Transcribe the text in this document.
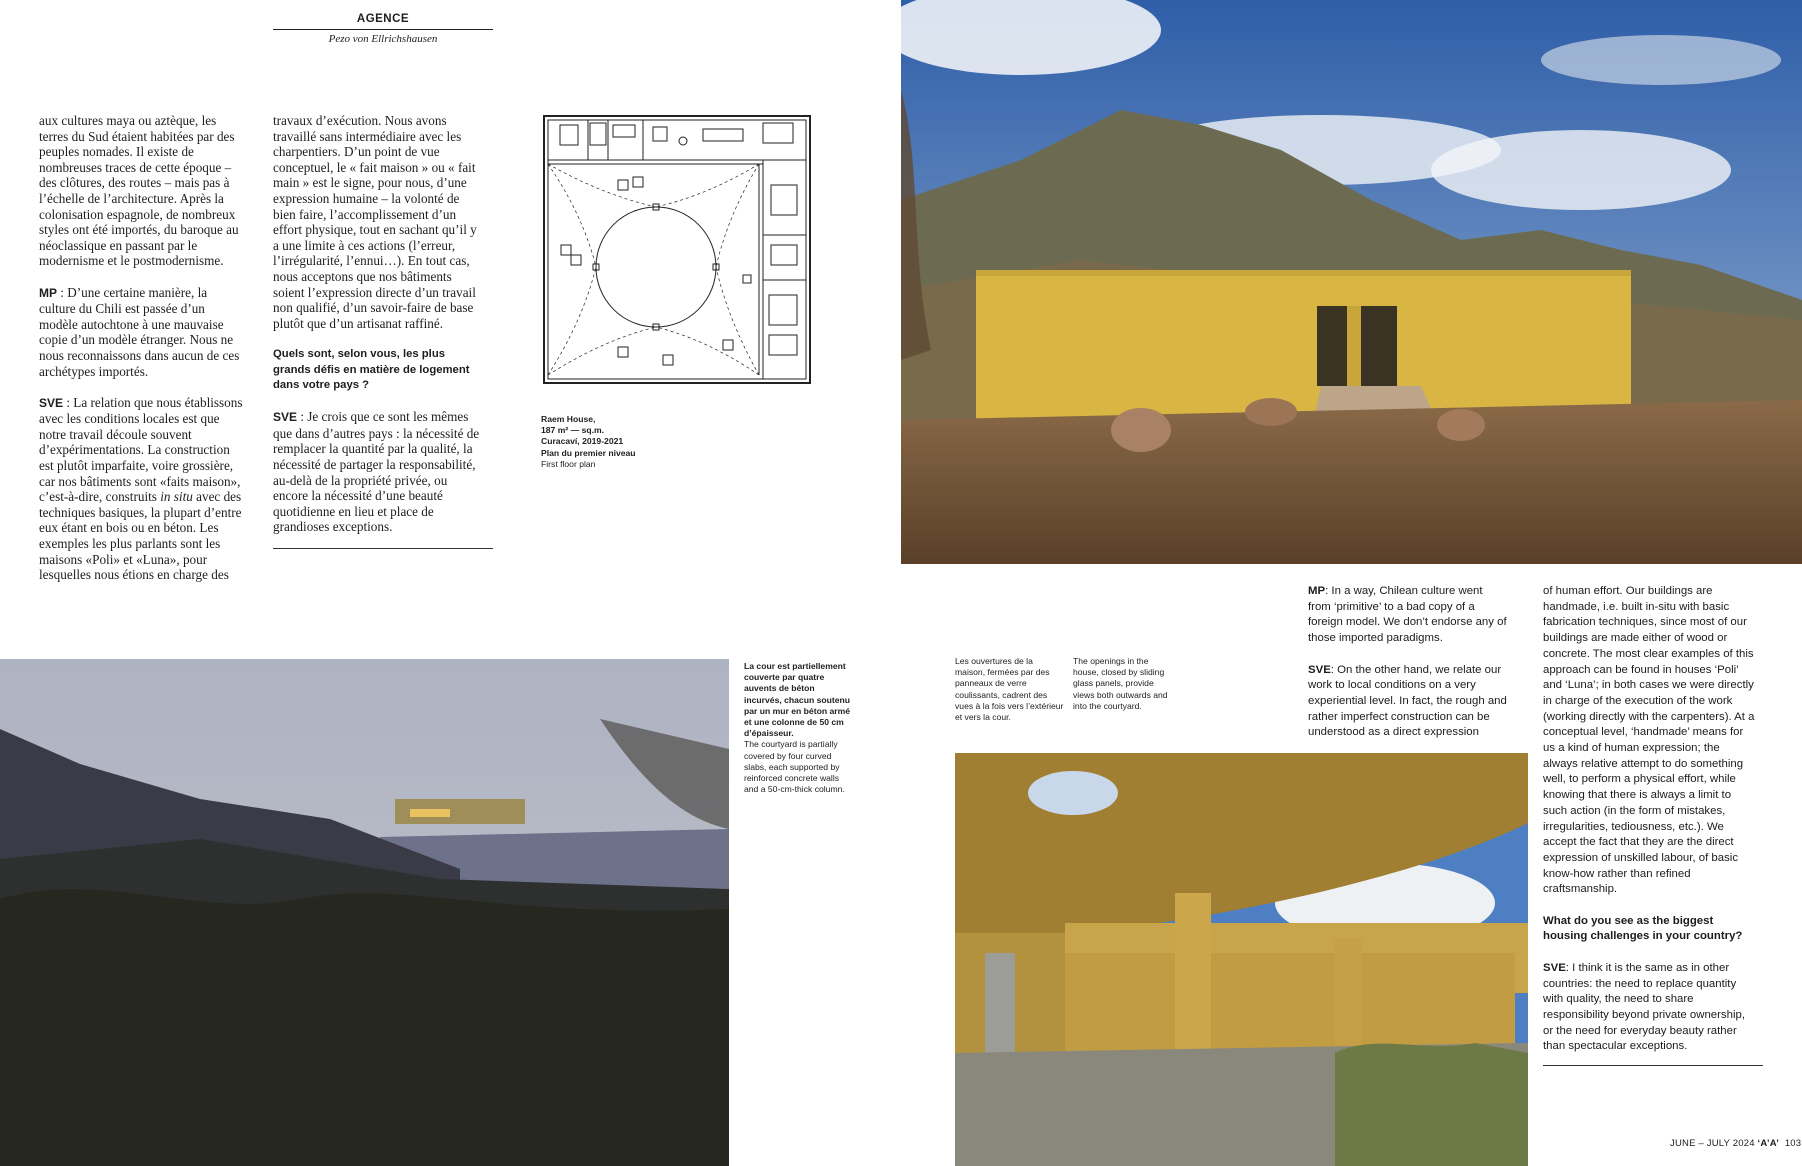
AGENCE
Pezo von Ellrichshausen

aux cultures maya ou aztèque, les terres du Sud étaient habitées par des peuples nomades. Il existe de nombreuses traces de cette époque – des clôtures, des routes – mais pas à l’échelle de l’architecture. Après la colonisation espagnole, de nombreux styles ont été importés, du baroque au néoclassique en passant par le modernisme et le postmodernisme.

MP : D’une certaine manière, la culture du Chili est passée d’un modèle autochtone à une mauvaise copie d’un modèle étranger. Nous ne nous reconnaissons dans aucun de ces archétypes importés.

SVE : La relation que nous établissons avec les conditions locales est que notre travail découle souvent d’expérimentations. La construction est plutôt imparfaite, voire grossière, car nos bâtiments sont «faits maison», c’est-à-dire, construits in situ avec des techniques basiques, la plupart d’entre eux étant en bois ou en béton. Les exemples les plus parlants sont les maisons «Poli» et «Luna», pour lesquelles nous étions en charge des

travaux d’exécution. Nous avons travaillé sans intermédiaire avec les charpentiers. D’un point de vue conceptuel, le « fait maison » ou « fait main » est le signe, pour nous, d’une expression humaine – la volonté de bien faire, l’accomplissement d’un effort physique, tout en sachant qu’il y a une limite à ces actions (l’erreur, l’irrégularité, l’ennui…). En tout cas, nous acceptons que nos bâtiments soient l’expression directe d’un travail non qualifié, d’un savoir-faire de base plutôt que d’un artisanat raffiné.

Quels sont, selon vous, les plus grands défis en matière de logement dans votre pays ?

SVE : Je crois que ce sont les mêmes que dans d’autres pays : la nécessité de remplacer la quantité par la qualité, la nécessité de partager la responsabilité, au-delà de la propriété privée, ou encore la nécessité d’une beauté quotidienne en lieu et place de grandioses exceptions.

Raem House,
187 m² — sq.m.
Curacaví, 2019-2021
Plan du premier niveau
First floor plan
La cour est partiellement couverte par quatre auvents de béton incurvés, chacun soutenu par un mur en béton armé et une colonne de 50 cm d’épaisseur.
The courtyard is partially covered by four curved slabs, each supported by reinforced concrete walls and a 50-cm-thick column.
Les ouvertures de la maison, fermées par des panneaux de verre coulissants, cadrent des vues à la fois vers l’extérieur et vers la cour.
The openings in the house, closed by sliding glass panels, provide views both outwards and into the courtyard.

MP: In a way, Chilean culture went from ‘primitive’ to a bad copy of a foreign model. We don’t endorse any of those imported paradigms.

SVE: On the other hand, we relate our work to local conditions on a very experiential level. In fact, the rough and rather imperfect construction can be understood as a direct expression

of human effort. Our buildings are handmade, i.e. built in-situ with basic fabrication techniques, since most of our buildings are made either of wood or concrete. The most clear examples of this approach can be found in houses ‘Poli’ and ‘Luna’; in both cases we were directly in charge of the execution of the work (working directly with the carpenters). At a conceptual level, ‘handmade’ means for us a kind of human expression; the always relative attempt to do something well, to perform a physical effort, while knowing that there is always a limit to such action (in the form of mistakes, irregularities, tediousness, etc.). We accept the fact that they are the direct expression of unskilled labour, of basic know-how rather than refined craftsmanship.

What do you see as the biggest housing challenges in your country?

SVE: I think it is the same as in other countries: the need to replace quantity with quality, the need to share responsibility beyond private ownership, or the need for everyday beauty rather than spectacular exceptions.

JUNE – JULY 2024 ‘A’A’ 103
